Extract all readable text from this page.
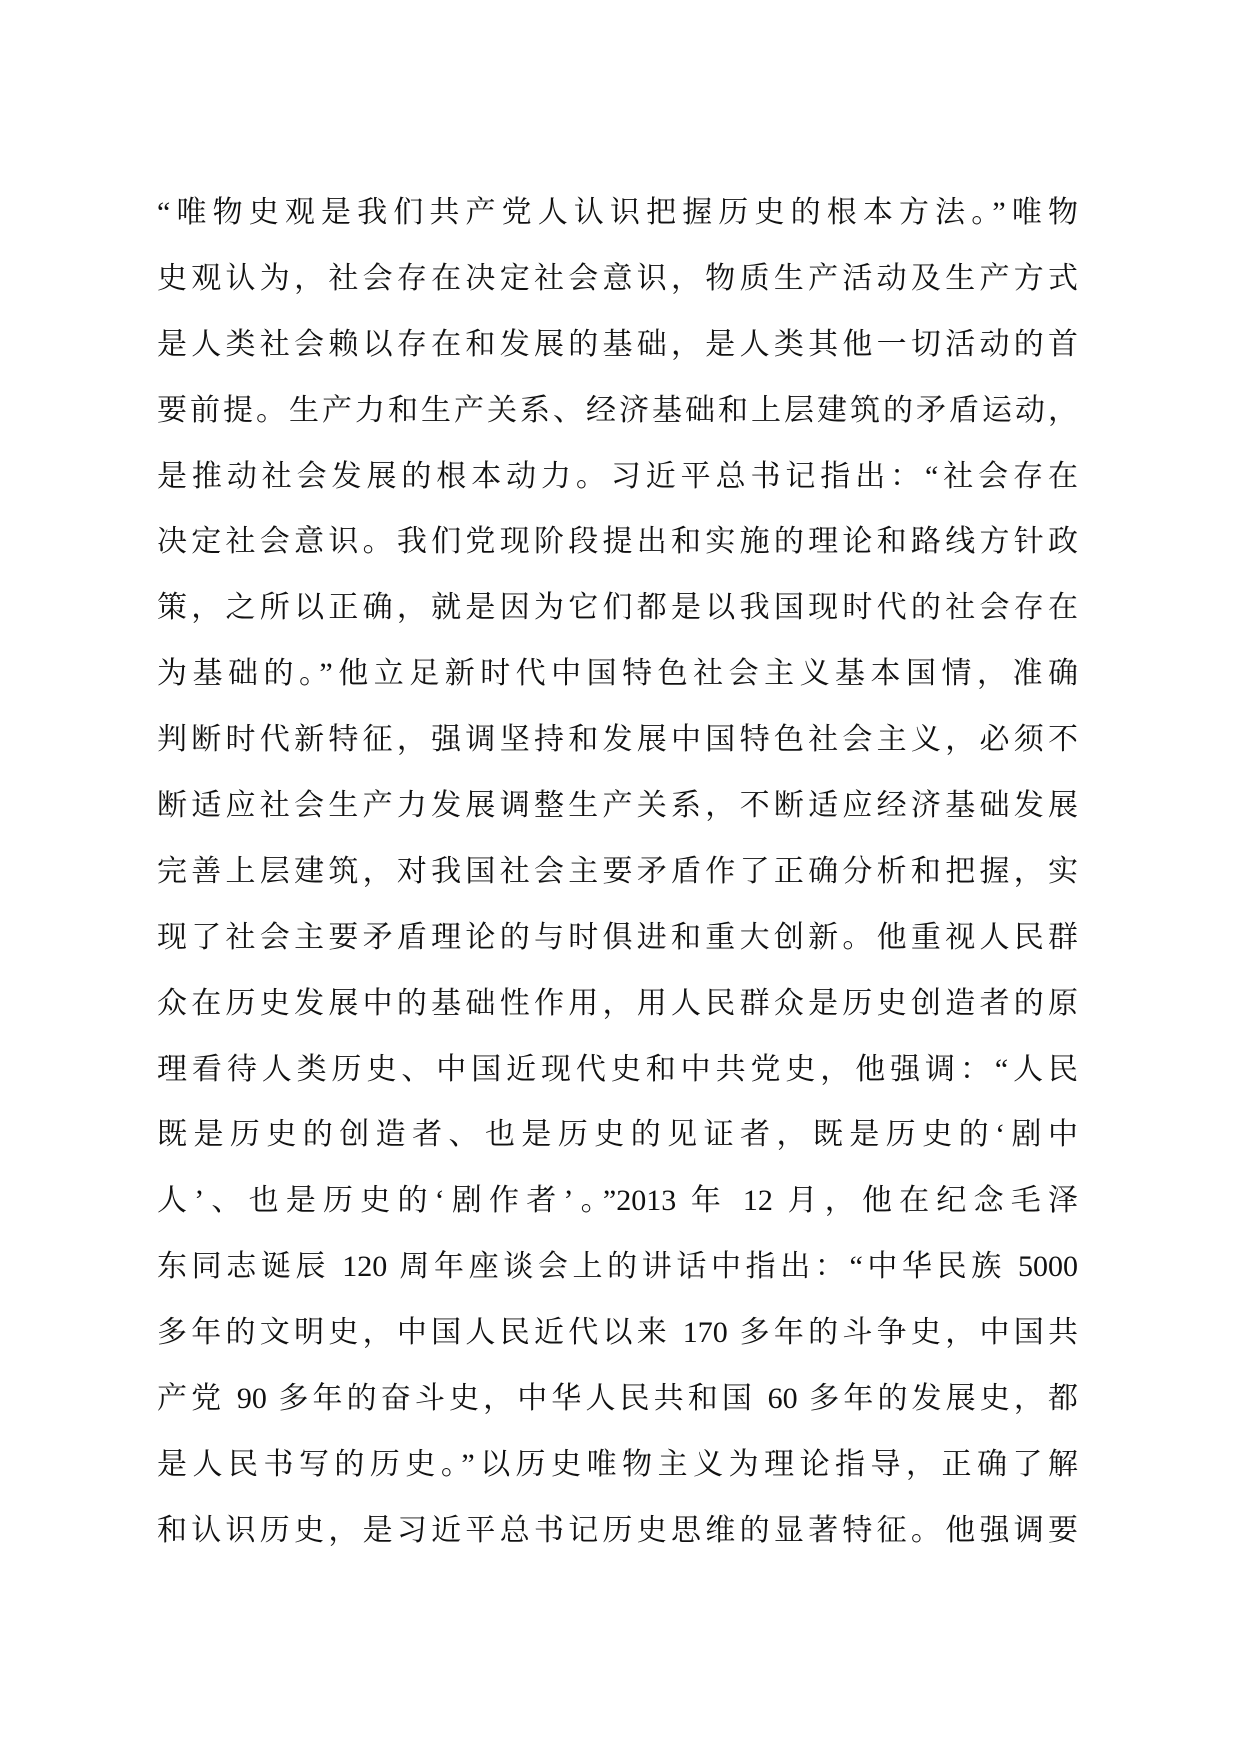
“唯物史观是我们共产党人认识把握历史的根本方法。”唯物
史观认为，社会存在决定社会意识，物质生产活动及生产方式
是人类社会赖以存在和发展的基础，是人类其他一切活动的首
要前提。生产力和生产关系、经济基础和上层建筑的矛盾运动，
是推动社会发展的根本动力。习近平总书记指出：“社会存在
决定社会意识。我们党现阶段提出和实施的理论和路线方针政
策，之所以正确，就是因为它们都是以我国现时代的社会存在
为基础的。”他立足新时代中国特色社会主义基本国情，准确
判断时代新特征，强调坚持和发展中国特色社会主义，必须不
断适应社会生产力发展调整生产关系，不断适应经济基础发展
完善上层建筑，对我国社会主要矛盾作了正确分析和把握，实
现了社会主要矛盾理论的与时俱进和重大创新。他重视人民群
众在历史发展中的基础性作用，用人民群众是历史创造者的原
理看待人类历史、中国近现代史和中共党史，他强调：“人民
既是历史的创造者、也是历史的见证者，既是历史的‘剧中
人’、也是历史的‘剧作者’。”2013 年 12 月，他在纪念毛泽
东同志诞辰 120 周年座谈会上的讲话中指出：“中华民族 5000
多年的文明史，中国人民近代以来 170 多年的斗争史，中国共
产党 90 多年的奋斗史，中华人民共和国 60 多年的发展史，都
是人民书写的历史。”以历史唯物主义为理论指导，正确了解
和认识历史，是习近平总书记历史思维的显著特征。他强调要
